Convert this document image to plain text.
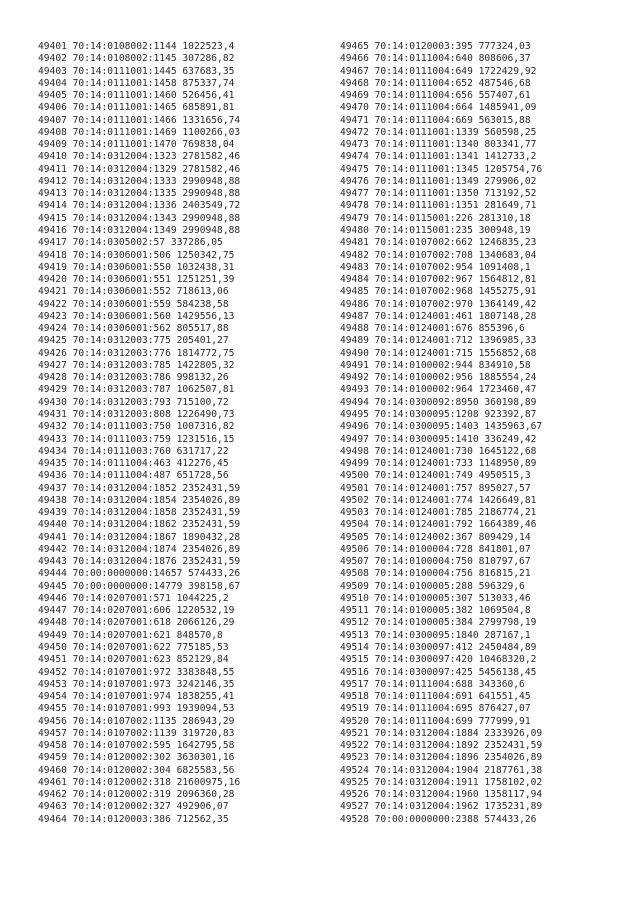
49401 70:14:0108002:1144 1022523,4
49402 70:14:0108002:1145 307286,82
49403 70:14:0111001:1445 637683,35
49404 70:14:0111001:1458 875337,74
49405 70:14:0111001:1460 526456,41
49406 70:14:0111001:1465 685891,81
49407 70:14:0111001:1466 1331656,74
49408 70:14:0111001:1469 1100266,03
49409 70:14:0111001:1470 769838,04
49410 70:14:0312004:1323 2781582,46
49411 70:14:0312004:1329 2781582,46
49412 70:14:0312004:1333 2990948,88
49413 70:14:0312004:1335 2990948,88
49414 70:14:0312004:1336 2403549,72
49415 70:14:0312004:1343 2990948,88
49416 70:14:0312004:1349 2990948,88
49417 70:14:0305002:57 337286,05
49418 70:14:0306001:506 1250342,75
49419 70:14:0306001:550 1032438,31
49420 70:14:0306001:551 1251251,39
49421 70:14:0306001:552 718613,06
49422 70:14:0306001:559 584238,58
49423 70:14:0306001:560 1429556,13
49424 70:14:0306001:562 805517,88
49425 70:14:0312003:775 205401,27
49426 70:14:0312003:776 1814772,75
49427 70:14:0312003:785 1422805,32
49428 70:14:0312003:786 998132,26
49429 70:14:0312003:787 1062507,81
49430 70:14:0312003:793 715100,72
49431 70:14:0312003:808 1226490,73
49432 70:14:0111003:750 1007316,82
49433 70:14:0111003:759 1231516,15
49434 70:14:0111003:760 631717,22
49435 70:14:0111004:463 412276,45
49436 70:14:0111004:487 651728,56
49437 70:14:0312004:1852 2352431,59
49438 70:14:0312004:1854 2354026,89
49439 70:14:0312004:1858 2352431,59
49440 70:14:0312004:1862 2352431,59
49441 70:14:0312004:1867 1890432,28
49442 70:14:0312004:1874 2354026,89
49443 70:14:0312004:1876 2352431,59
49444 70:00:0000000:14657 574433,26
49445 70:00:0000000:14779 398158,67
49446 70:14:0207001:571 1044225,2
49447 70:14:0207001:606 1220532,19
49448 70:14:0207001:618 2066126,29
49449 70:14:0207001:621 848570,8
49450 70:14:0207001:622 775185,53
49451 70:14:0207001:623 852129,84
49452 70:14:0107001:972 3383848,55
49453 70:14:0107001:973 3242146,35
49454 70:14:0107001:974 1838255,41
49455 70:14:0107001:993 1939094,53
49456 70:14:0107002:1135 286943,29
49457 70:14:0107002:1139 319720,83
49458 70:14:0107002:595 1642795,58
49459 70:14:0120002:302 3630301,16
49460 70:14:0120002:304 6825583,56
49461 70:14:0120002:318 21600975,16
49462 70:14:0120002:319 2096360,28
49463 70:14:0120002:327 492906,07
49464 70:14:0120003:386 712562,35
49465 70:14:0120003:395 777324,03
49466 70:14:0111004:640 808606,37
49467 70:14:0111004:649 1722429,92
49468 70:14:0111004:652 487546,68
49469 70:14:0111004:656 557407,61
49470 70:14:0111004:664 1485941,09
49471 70:14:0111004:669 563015,88
49472 70:14:0111001:1339 560598,25
49473 70:14:0111001:1340 803341,77
49474 70:14:0111001:1341 1412733,2
49475 70:14:0111001:1345 1205754,76
49476 70:14:0111001:1349 279906,02
49477 70:14:0111001:1350 713192,52
49478 70:14:0111001:1351 281649,71
49479 70:14:0115001:226 281310,18
49480 70:14:0115001:235 300948,19
49481 70:14:0107002:662 1246835,23
49482 70:14:0107002:708 1340683,04
49483 70:14:0107002:954 1091408,1
49484 70:14:0107002:967 1564812,81
49485 70:14:0107002:968 1455275,91
49486 70:14:0107002:970 1364149,42
49487 70:14:0124001:461 1807148,28
49488 70:14:0124001:676 855396,6
49489 70:14:0124001:712 1396985,33
49490 70:14:0124001:715 1556852,68
49491 70:14:0100002:944 834910,58
49492 70:14:0100002:956 1885554,24
49493 70:14:0100002:964 1723460,47
49494 70:14:0300092:8950 360198,89
49495 70:14:0300095:1208 923392,87
49496 70:14:0300095:1403 1435963,67
49497 70:14:0300095:1410 336249,42
49498 70:14:0124001:730 1645122,68
49499 70:14:0124001:733 1148950,89
49500 70:14:0124001:749 4950515,3
49501 70:14:0124001:757 895027,57
49502 70:14:0124001:774 1426649,81
49503 70:14:0124001:785 2186774,21
49504 70:14:0124001:792 1664389,46
49505 70:14:0124002:367 809429,14
49506 70:14:0100004:728 841801,07
49507 70:14:0100004:750 810797,67
49508 70:14:0100004:756 816815,21
49509 70:14:0100005:288 596329,6
49510 70:14:0100005:307 513033,46
49511 70:14:0100005:382 1069504,8
49512 70:14:0100005:384 2799798,19
49513 70:14:0300095:1840 287167,1
49514 70:14:0300097:412 2450484,89
49515 70:14:0300097:420 10468320,2
49516 70:14:0300097:425 5456138,45
49517 70:14:0111004:688 343360,6
49518 70:14:0111004:691 641551,45
49519 70:14:0111004:695 876427,07
49520 70:14:0111004:699 777999,91
49521 70:14:0312004:1884 2333926,09
49522 70:14:0312004:1892 2352431,59
49523 70:14:0312004:1896 2354026,89
49524 70:14:0312004:1904 2187761,38
49525 70:14:0312004:1911 1758102,02
49526 70:14:0312004:1960 1358117,94
49527 70:14:0312004:1962 1735231,89
49528 70:00:0000000:2388 574433,26
